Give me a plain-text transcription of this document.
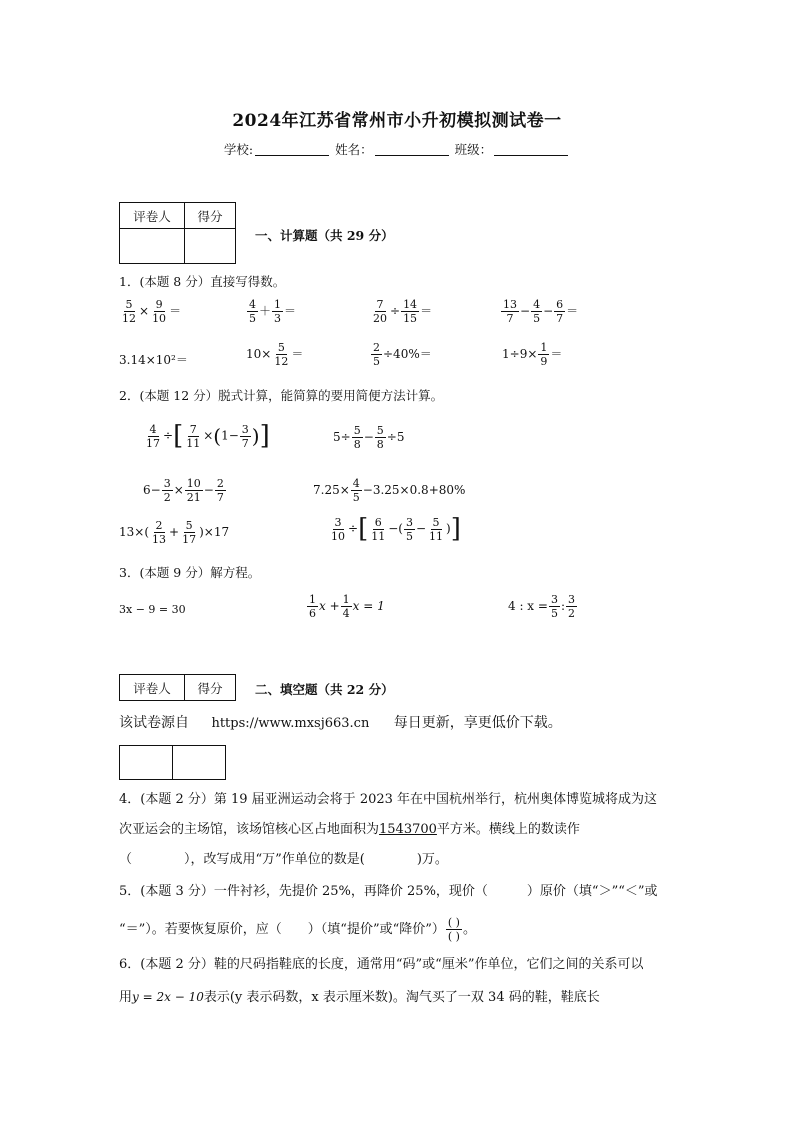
2024年江苏省常州市小升初模拟测试卷一
学校:	姓名：	班级：
评卷人	得分

一、计算题（共 29 分）
1．(本题 8 分）直接写得数。
$\frac{5}{12} \times \frac{9}{10}$ ＝	$\frac{4}{5} + \frac{1}{3}$ ＝	$\frac{7}{20} \div \frac{14}{15}$ ＝	$\frac{13}{7} - \frac{4}{5} - \frac{6}{7}$ ＝
3.14×10²＝	$10\times \frac{5}{12}$ ＝	$\frac{2}{5} \div 40\%=$	$1\div 9\times \frac{1}{9}$ ＝
2．(本题 12 分）脱式计算，能简算的要用简便方法计算。
$\frac{4}{17}$ ÷[ $\frac{7}{11} \times(1- \frac{3}{7}$ )]	$5\div \frac{5}{8} - \frac{5}{8} \div 5$
$6- \frac{3}{2} \times \frac{10}{21} - \frac{2}{7}$	$7.25\times \frac{4}{5} -3.25\times 0.8+80\%$
$13\times( \frac{2}{13} + \frac{5}{17} )\times 17$	$\frac{3}{10}$ ÷[ $\frac{6}{11}$ −( $\frac{3}{5} - \frac{5}{11}$ )]
3．(本题 9 分）解方程。
3x − 9 = 30	$\frac{1}{6}$ $x + \frac{1}{4}$ x = 1	4 : $x = \frac{3}{5}$ : $\frac{3}{2}$
评卷人	得分	二、填空题（共 22 分）
该试卷源自 https://www.mxsj663.cn 每日更新，享更低价下载。

4．(本题 2 分）第 19 届亚洲运动会将于 2023 年在中国杭州举行，杭州奥体博览城将成为这
次亚运会的主场馆，该场馆核心区占地面积为1543700平方米。横线上的数读作
（　　　　），改写成用“万”作单位的数是(　　　　)万。
5．(本题 3 分）一件衬衫，先提价 25%，再降价 25%，现价（　　　）原价（填“＞”“＜”或
“＝”）。若要恢复原价，应（　　）（填“提价”或“降价”） $\frac{( )}{( )}$ 。
6．(本题 2 分）鞋的尺码指鞋底的长度，通常用“码”或“厘米”作单位，它们之间的关系可以
用y = 2x − 10表示(y 表示码数，x 表示厘米数)。淘气买了一双 34 码的鞋，鞋底长
